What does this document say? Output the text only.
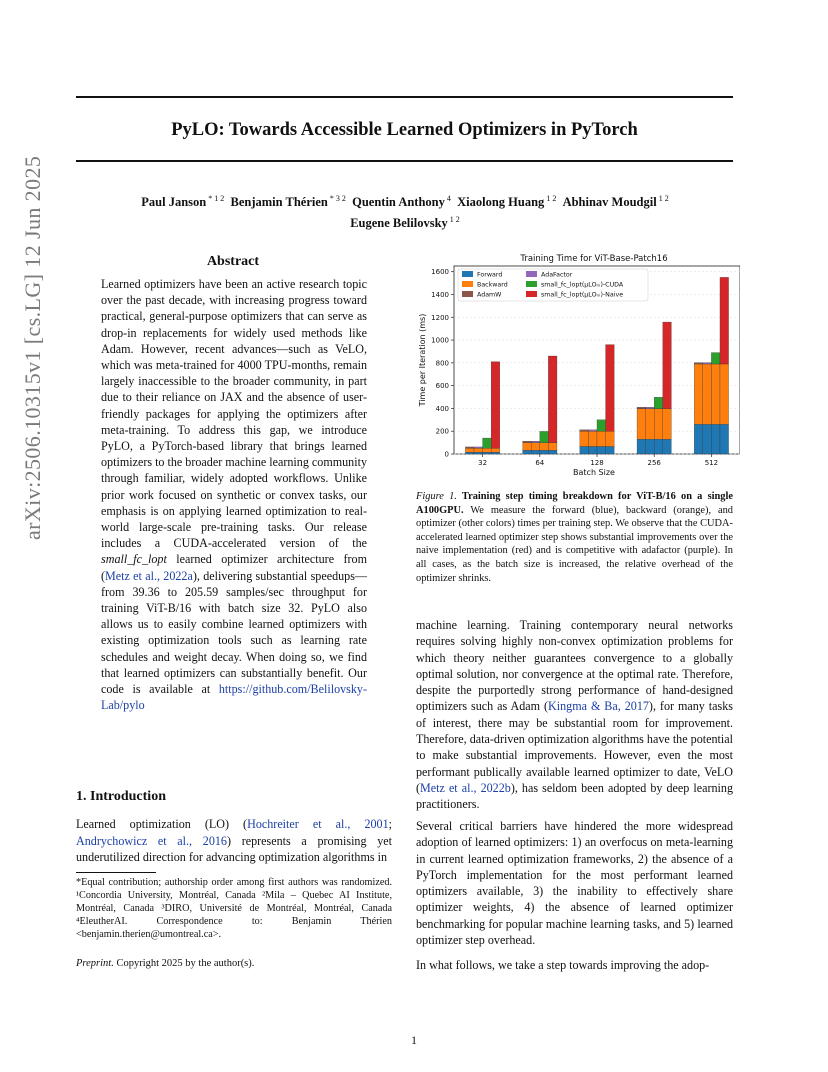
PyLO: Towards Accessible Learned Optimizers in PyTorch
Paul Janson $^{* 1 2}$ Benjamin Thérien $^{* 3 2}$ Quentin Anthony $^4$ Xiaolong Huang $^{1 2}$ Abhinav Moudgil $^{1 2}$
Eugene Belilovsky $^{1 2}$
arXiv:2506.10315v1 [cs.LG] 12 Jun 2025	Abstract
Learned optimizers have been an active research topic over the past decade, with increasing progress toward practical, general-purpose optimizers that can serve as drop-in replacements for widely used methods like Adam. However, recent advances—such as VeLO, which was meta-trained for 4000 TPU-months, remain largely inaccessible to the broader community, in part due to their reliance on JAX and the absence of user-friendly packages for applying the optimizers after meta-training. To address this gap, we introduce PyLO, a PyTorch-based library that brings learned optimizers to the broader machine learning community through familiar, widely adopted workflows. Unlike prior work focused on synthetic or convex tasks, our emphasis is on applying learned optimization to real-world large-scale pre-training tasks. Our release includes a CUDA-accelerated version of the small_fc_lopt learned optimizer architecture from (Metz et al., 2022a), delivering substantial speedups—from 39.36 to 205.59 samples/sec throughput for training ViT-B/16 with batch size 32. PyLO also allows us to easily combine learned optimizers with existing optimization tools such as learning rate schedules and weight decay. When doing so, we find that learned optimizers can substantially benefit. Our code is available at https://github.com/Belilovsky-Lab/pylo
1. Introduction
Learned optimization (LO) (Hochreiter et al., 2001; Andrychowicz et al., 2016) represents a promising yet underutilized direction for advancing optimization algorithms in
*Equal contribution; authorship order among first authors was randomized. ¹Concordia University, Montréal, Canada ²Mila – Quebec AI Institute, Montréal, Canada ³DIRO, Université de Montréal, Montréal, Canada ⁴EleutherAI. Correspondence to: Benjamin Thérien <benjamin.therien@umontreal.ca>.
Preprint. Copyright 2025 by the author(s).
Training Time for ViT-Base-Patch16
0
200
400
600
800
1000
1200
1400
1600
32	64	128	256	512
Batch Size
Time per Iteration (ms)
Forward
Backward
AdamW
AdaFactor
small_fc_lopt(μLOₘ)-CUDA
small_fc_lopt(μLOₘ)-Naive
Figure 1. Training step timing breakdown for ViT-B/16 on a single A100GPU. We measure the forward (blue), backward (orange), and optimizer (other colors) times per training step. We observe that the CUDA-accelerated learned optimizer step shows substantial improvements over the naive implementation (red) and is competitive with adafactor (purple). In all cases, as the batch size is increased, the relative overhead of the optimizer shrinks.
machine learning. Training contemporary neural networks requires solving highly non-convex optimization problems for which theory neither guarantees convergence to a globally optimal solution, nor convergence at the optimal rate. Therefore, despite the purportedly strong performance of hand-designed optimizers such as Adam (Kingma & Ba, 2017), for many tasks of interest, there may be substantial room for improvement. Therefore, data-driven optimization algorithms have the potential to make substantial improvements. However, even the most performant publically available learned optimizer to date, VeLO (Metz et al., 2022b), has seldom been adopted by deep learning practitioners.
Several critical barriers have hindered the more widespread adoption of learned optimizers: 1) an overfocus on meta-learning in current learned optimization frameworks, 2) the absence of a PyTorch implementation for the most performant learned optimizers available, 3) the inability to effectively share optimizer weights, 4) the absence of learned optimizer benchmarking for popular machine learning tasks, and 5) learned optimizer step overhead.
In what follows, we take a step towards improving the adop-
1
